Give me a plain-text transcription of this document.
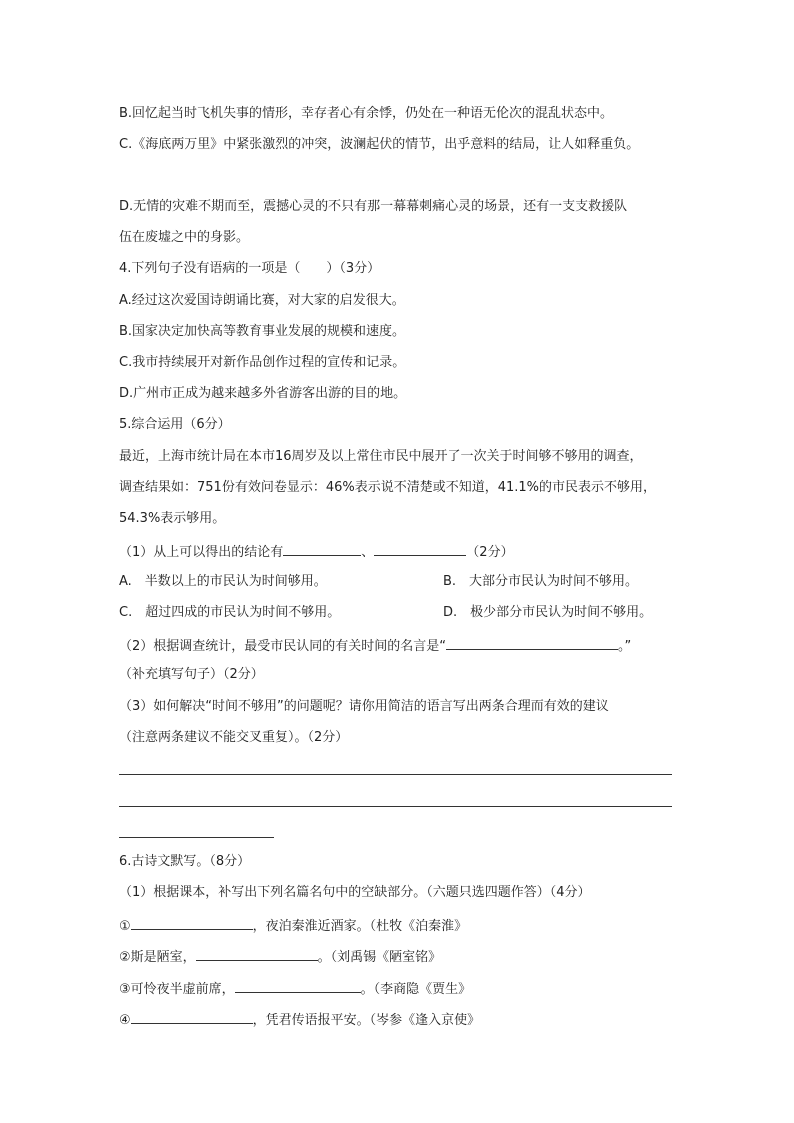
B.回忆起当时飞机失事的情形，幸存者心有余悸，仍处在一种语无伦次的混乱状态中。
C.《海底两万里》中紧张激烈的冲突，波澜起伏的情节，出乎意料的结局，让人如释重负。
D.无情的灾难不期而至，震撼心灵的不只有那一幕幕刺痛心灵的场景，还有一支支救援队
伍在废墟之中的身影。
4.下列句子没有语病的一项是（　　）（3分）
A.经过这次爱国诗朗诵比赛，对大家的启发很大。
B.国家决定加快高等教育事业发展的规模和速度。
C.我市持续展开对新作品创作过程的宣传和记录。
D.广州市正成为越来越多外省游客出游的目的地。
5.综合运用（6分）
最近，上海市统计局在本市16周岁及以上常住市民中展开了一次关于时间够不够用的调查，
调查结果如：751份有效问卷显示：46%表示说不清楚或不知道，41.1%的市民表示不够用，
54.3%表示够用。
（1）从上可以得出的结论有	、	（2分）
A.　半数以上的市民认为时间够用。	B.　大部分市民认为时间不够用。
C.　超过四成的市民认为时间不够用。	D.　极少部分市民认为时间不够用。
（2）根据调查统计，最受市民认同的有关时间的名言是“	。”
（补充填写句子）（2分）
（3）如何解决“时间不够用”的问题呢？请你用简洁的语言写出两条合理而有效的建议
（注意两条建议不能交叉重复）。（2分）
6.古诗文默写。（8分）
（1）根据课本，补写出下列名篇名句中的空缺部分。（六题只选四题作答）（4分）
①	，夜泊秦淮近酒家。（杜牧《泊秦淮》
②斯是陋室，	。（刘禹锡《陋室铭》
③可怜夜半虚前席，	。（李商隐《贾生》
④	，凭君传语报平安。（岑参《逢入京使》
